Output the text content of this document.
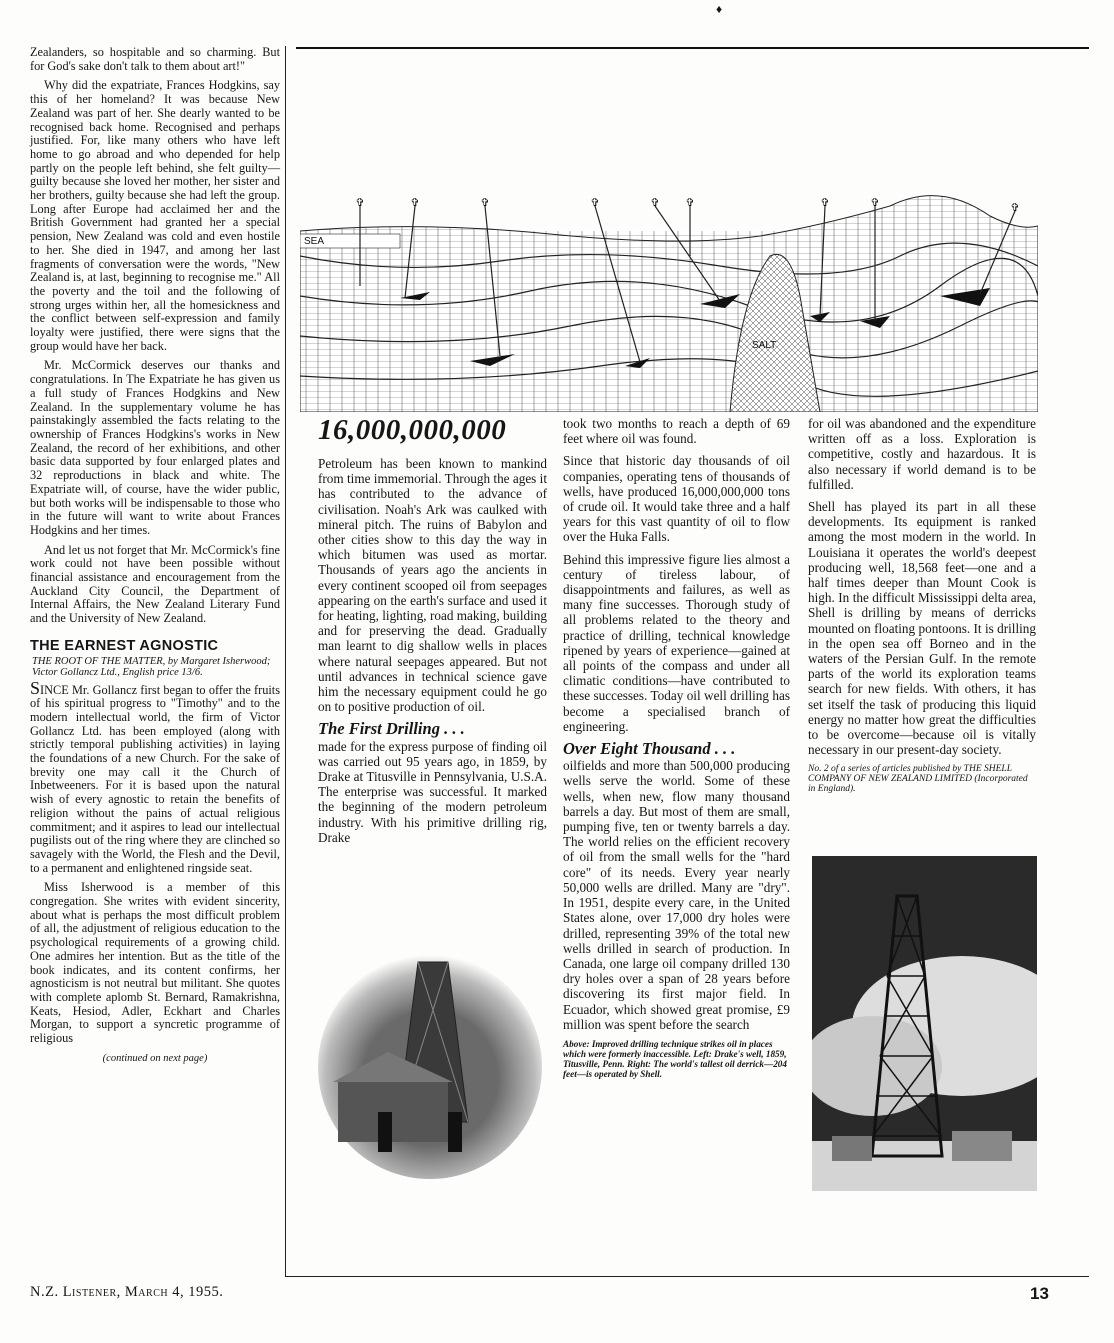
♦

Zealanders, so hospitable and so charming. But for God's sake don't talk to them about art!"

Why did the expatriate, Frances Hodgkins, say this of her homeland? It was because New Zealand was part of her. She dearly wanted to be recognised back home. Recognised and perhaps justified. For, like many others who have left home to go abroad and who depended for help partly on the people left behind, she felt guilty—guilty because she loved her mother, her sister and her brothers, guilty because she had left the group. Long after Europe had acclaimed her and the British Government had granted her a special pension, New Zealand was cold and even hostile to her. She died in 1947, and among her last fragments of conversation were the words, "New Zealand is, at last, beginning to recognise me." All the poverty and the toil and the following of strong urges within her, all the homesickness and the conflict between self-expression and family loyalty were justified, there were signs that the group would have her back.

Mr. McCormick deserves our thanks and congratulations. In The Expatriate he has given us a full study of Frances Hodgkins and New Zealand. In the supplementary volume he has painstakingly assembled the facts relating to the ownership of Frances Hodgkins's works in New Zealand, the record of her exhibitions, and other basic data supported by four enlarged plates and 32 reproductions in black and white. The Expatriate will, of course, have the wider public, but both works will be indispensable to those who in the future will want to write about Frances Hodgkins and her times.

And let us not forget that Mr. McCormick's fine work could not have been possible without financial assistance and encouragement from the Auckland City Council, the Department of Internal Affairs, the New Zealand Literary Fund and the University of New Zealand.

THE EARNEST AGNOSTIC
THE ROOT OF THE MATTER, by Margaret Isherwood; Victor Gollancz Ltd., English price 13/6.

SINCE Mr. Gollancz first began to offer the fruits of his spiritual progress to "Timothy" and to the modern intellectual world, the firm of Victor Gollancz Ltd. has been employed (along with strictly temporal publishing activities) in laying the foundations of a new Church. For the sake of brevity one may call it the Church of Inbetweeners. For it is based upon the natural wish of every agnostic to retain the benefits of religion without the pains of actual religious commitment; and it aspires to lead our intellectual pugilists out of the ring where they are clinched so savagely with the World, the Flesh and the Devil, to a permanent and enlightened ringside seat.

Miss Isherwood is a member of this congregation. She writes with evident sincerity, about what is perhaps the most difficult problem of all, the adjustment of religious education to the psychological requirements of a growing child. One admires her intention. But as the title of the book indicates, and its content confirms, her agnosticism is not neutral but militant. She quotes with complete aplomb St. Bernard, Ramakrishna, Keats, Hesiod, Adler, Eckhart and Charles Morgan, to support a syncretic programme of religious

(continued on next page)
✞	✞	✞	✞	✞ ✞	✞	✞	✞
SEA
SALT
16,000,000,000

Petroleum has been known to mankind from time immemorial. Through the ages it has contributed to the advance of civilisation. Noah's Ark was caulked with mineral pitch. The ruins of Babylon and other cities show to this day the way in which bitumen was used as mortar. Thousands of years ago the ancients in every continent scooped oil from seepages appearing on the earth's surface and used it for heating, lighting, road making, building and for preserving the dead. Gradually man learnt to dig shallow wells in places where natural seepages appeared. But not until advances in technical science gave him the necessary equipment could he go on to positive production of oil.

The First Drilling . . .

made for the express purpose of finding oil was carried out 95 years ago, in 1859, by Drake at Titusville in Pennsylvania, U.S.A. The enterprise was successful. It marked the beginning of the modern petroleum industry. With his primitive drilling rig, Drake

took two months to reach a depth of 69 feet where oil was found.

Since that historic day thousands of oil companies, operating tens of thousands of wells, have produced 16,000,000,000 tons of crude oil. It would take three and a half years for this vast quantity of oil to flow over the Huka Falls.

Behind this impressive figure lies almost a century of tireless labour, of disappointments and failures, as well as many fine successes. Thorough study of all problems related to the theory and practice of drilling, technical knowledge ripened by years of experience—gained at all points of the compass and under all climatic conditions—have contributed to these successes. Today oil well drilling has become a specialised branch of engineering.

Over Eight Thousand . . .

oilfields and more than 500,000 producing wells serve the world. Some of these wells, when new, flow many thousand barrels a day. But most of them are small, pumping five, ten or twenty barrels a day. The world relies on the efficient recovery of oil from the small wells for the "hard core" of its needs. Every year nearly 50,000 wells are drilled. Many are "dry". In 1951, despite every care, in the United States alone, over 17,000 dry holes were drilled, representing 39% of the total new wells drilled in search of production. In Canada, one large oil company drilled 130 dry holes over a span of 28 years before discovering its first major field. In Ecuador, which showed great promise, £9 million was spent before the search

Above: Improved drilling technique strikes oil in places which were formerly inaccessible. Left: Drake's well, 1859, Titusville, Penn. Right: The world's tallest oil derrick—204 feet—is operated by Shell.

for oil was abandoned and the expenditure written off as a loss. Exploration is competitive, costly and hazardous. It is also necessary if world demand is to be fulfilled.

Shell has played its part in all these developments. Its equipment is ranked among the most modern in the world. In Louisiana it operates the world's deepest producing well, 18,568 feet—one and a half times deeper than Mount Cook is high. In the difficult Mississippi delta area, Shell is drilling by means of derricks mounted on floating pontoons. It is drilling in the open sea off Borneo and in the waters of the Persian Gulf. In the remote parts of the world its exploration teams search for new fields. With others, it has set itself the task of producing this liquid energy no matter how great the difficulties to be overcome—because oil is vitally necessary in our present-day society.

No. 2 of a series of articles published by THE SHELL COMPANY OF NEW ZEALAND LIMITED (Incorporated in England).
N.Z. Listener, March 4, 1955.	13
